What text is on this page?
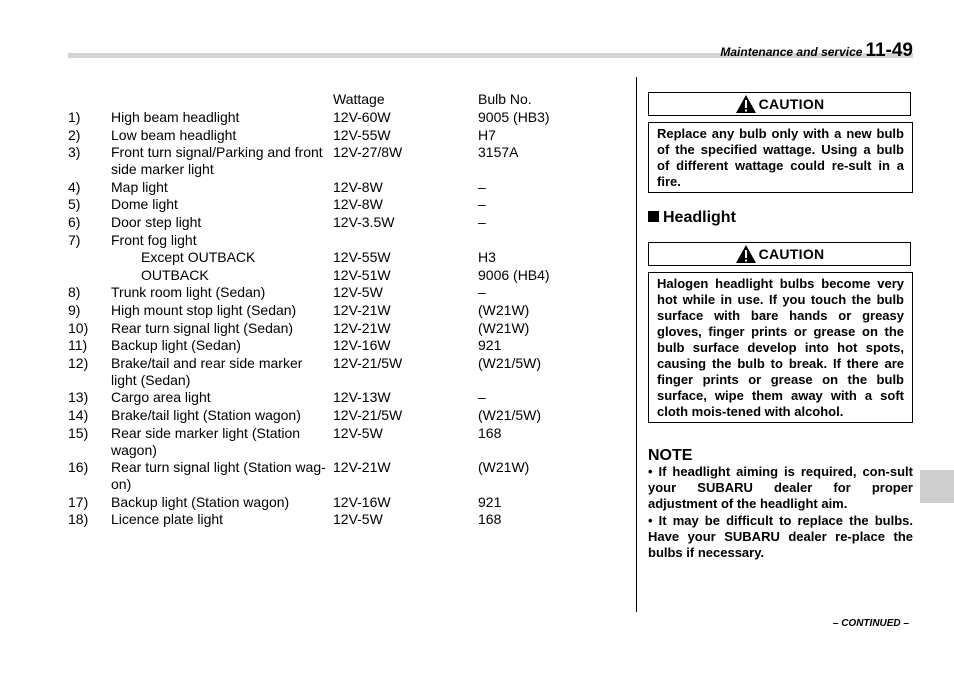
Maintenance and service 11-49
Wattage	Bulb No.
1) High beam headlight	12V-60W	9005 (HB3)
2) Low beam headlight	12V-55W	H7
3) Front turn signal/Parking and front side marker light
12V-27/8W	3157A
4) Map light	12V-8W	–
5) Dome light	12V-8W	–
6) Door step light	12V-3.5W	–
7) Front fog light
Except OUTBACK	12V-55W	H3
OUTBACK	12V-51W	9006 (HB4)
8) Trunk room light (Sedan)	12V-5W	–
9) High mount stop light (Sedan)	12V-21W	(W21W)
10) Rear turn signal light (Sedan)	12V-21W	(W21W)
11) Backup light (Sedan)	12V-16W	921
12) Brake/tail and rear side marker light (Sedan)
12V-21/5W	(W21/5W)
13) Cargo area light	12V-13W	–
14) Brake/tail light (Station wagon)	12V-21/5W	(W21/5W)
15) Rear side marker light (Station wagon)
12V-5W	168
16) Rear turn signal light (Station wag-on)
12V-21W	(W21W)
17) Backup light (Station wagon)	12V-16W	921
18) Licence plate light	12V-5W	168
CAUTION
Replace any bulb only with a new bulb of the specified wattage. Using a bulb of different wattage could re-sult in a fire.
Headlight
CAUTION
Halogen headlight bulbs become very hot while in use. If you touch the bulb surface with bare hands or greasy gloves, finger prints or grease on the bulb surface develop into hot spots, causing the bulb to break. If there are finger prints or grease on the bulb surface, wipe them away with a soft cloth mois-tened with alcohol.
NOTE
• If headlight aiming is required, con-sult your SUBARU dealer for proper adjustment of the headlight aim.
• It may be difficult to replace the bulbs. Have your SUBARU dealer re-place the bulbs if necessary.
– CONTINUED –
